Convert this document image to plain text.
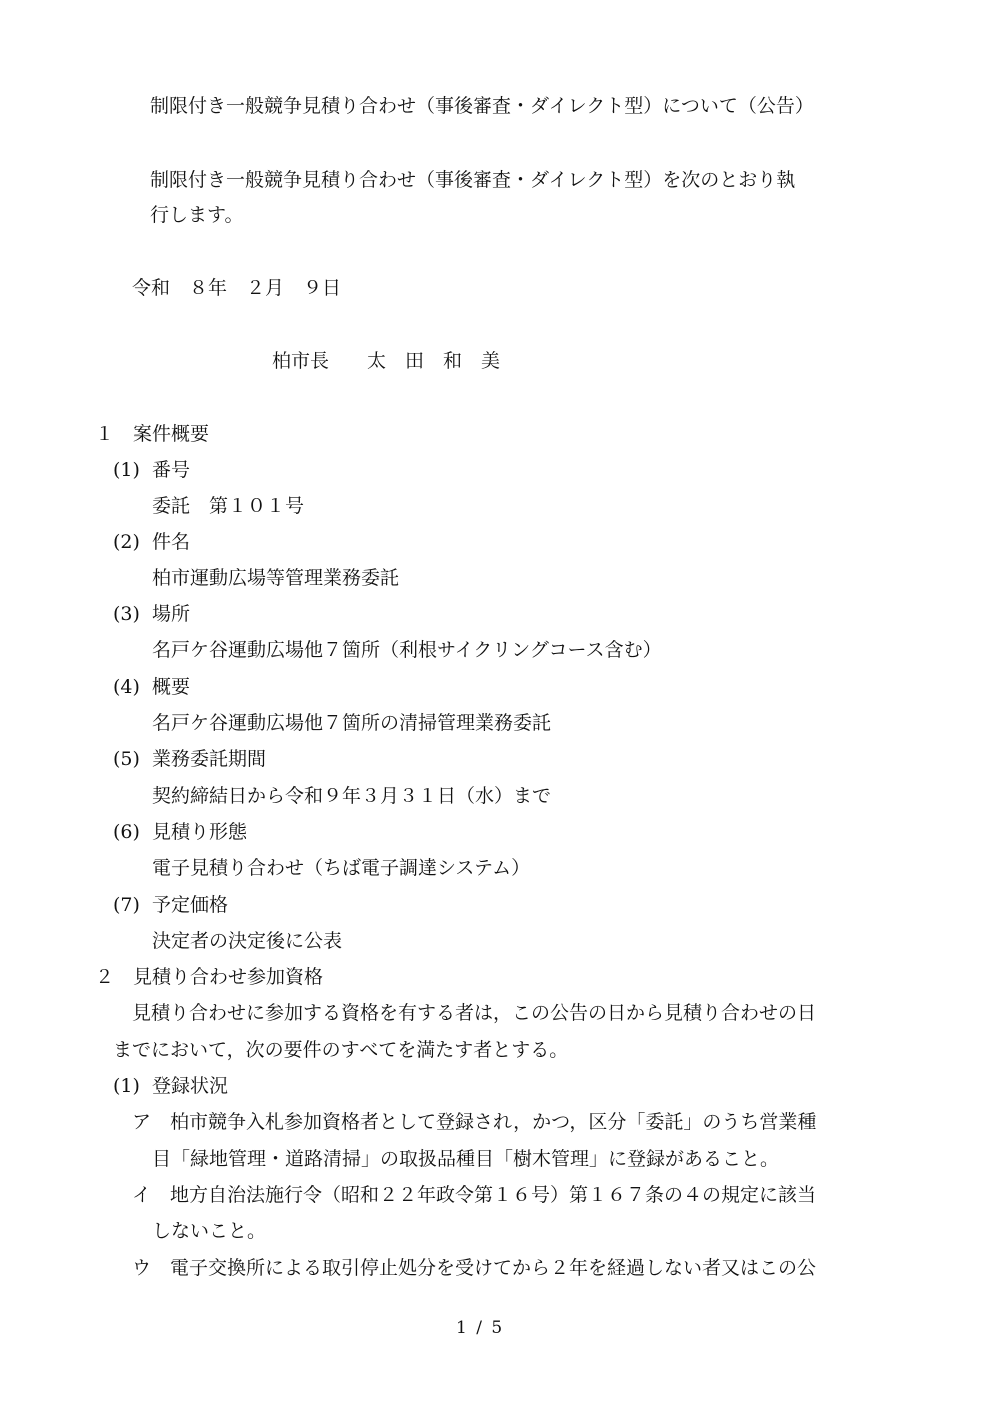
制限付き一般競争見積り合わせ（事後審査・ダイレクト型）について（公告）
制限付き一般競争見積り合わせ（事後審査・ダイレクト型）を次のとおり執
行します。
令和　８年　２月　９日
柏市長　　太　田　和　美
１　案件概要
(1) 番号
委託　第１０１号
(2) 件名
柏市運動広場等管理業務委託
(3) 場所
名戸ケ谷運動広場他７箇所（利根サイクリングコース含む）
(4) 概要
名戸ケ谷運動広場他７箇所の清掃管理業務委託
(5) 業務委託期間
契約締結日から令和９年３月３１日（水）まで
(6) 見積り形態
電子見積り合わせ（ちば電子調達システム）
(7) 予定価格
決定者の決定後に公表
２　見積り合わせ参加資格
見積り合わせに参加する資格を有する者は，この公告の日から見積り合わせの日
までにおいて，次の要件のすべてを満たす者とする。
(1) 登録状況
ア　柏市競争入札参加資格者として登録され，かつ，区分「委託」のうち営業種
目「緑地管理・道路清掃」の取扱品種目「樹木管理」に登録があること。
イ　地方自治法施行令（昭和２２年政令第１６号）第１６７条の４の規定に該当
しないこと。
ウ　電子交換所による取引停止処分を受けてから２年を経過しない者又はこの公
1 / 5
